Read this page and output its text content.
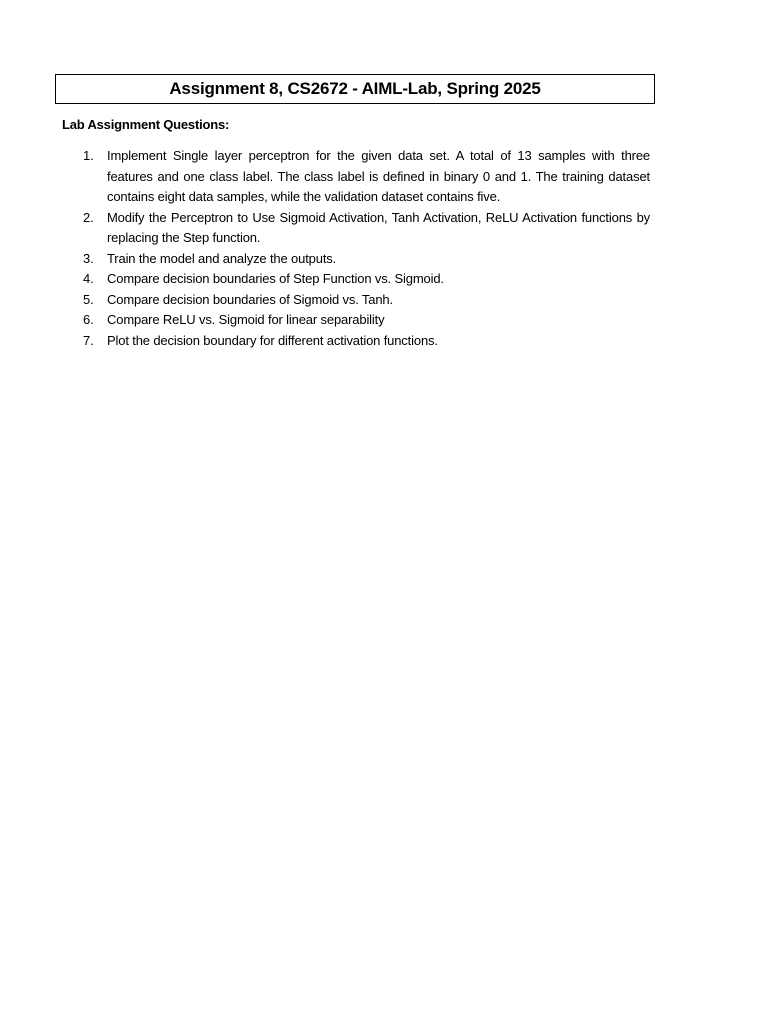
Assignment 8, CS2672 - AIML-Lab, Spring 2025
Lab Assignment Questions:
1.	Implement Single layer perceptron for the given data set. A total of 13 samples with three features and one class label. The class label is defined in binary 0 and 1. The training dataset contains eight data samples, while the validation dataset contains five.
2.	Modify the Perceptron to Use Sigmoid Activation, Tanh Activation, ReLU Activation functions by replacing the Step function.
3.	Train the model and analyze the outputs.
4.	Compare decision boundaries of Step Function vs. Sigmoid.
5.	Compare decision boundaries of Sigmoid vs. Tanh.
6.	Compare ReLU vs. Sigmoid for linear separability
7.	Plot the decision boundary for different activation functions.
